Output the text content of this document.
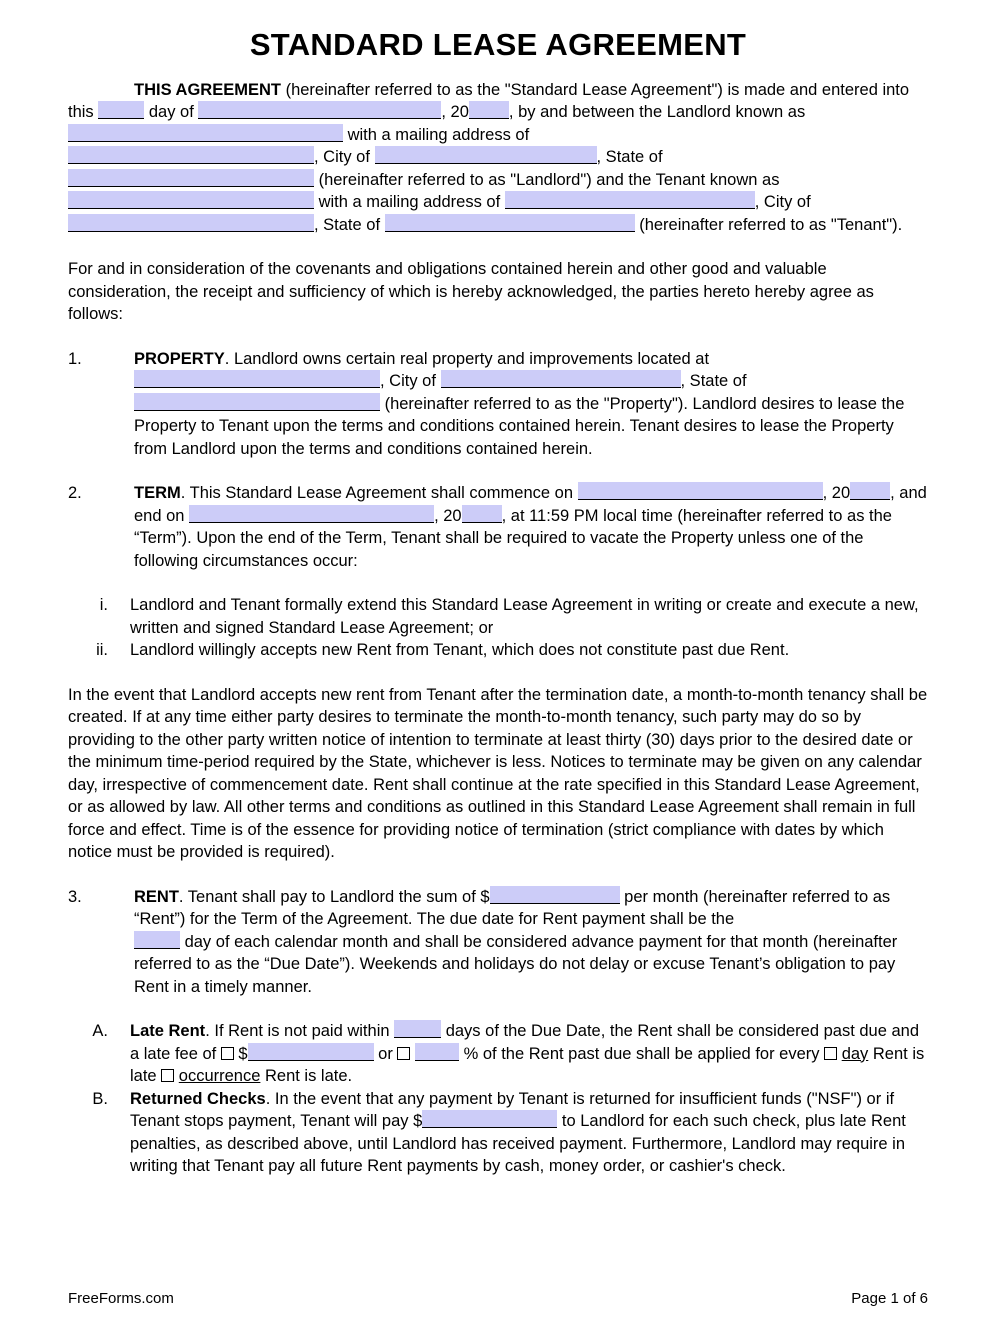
STANDARD LEASE AGREEMENT

THIS AGREEMENT (hereinafter referred to as the "Standard Lease Agreement") is made and entered into this	day of	, 20 , by and between the Landlord known as  with a mailing address of
, City of	, State of
(hereinafter referred to as "Landlord") and the Tenant known as
with a mailing address of	, City of
, State of	(hereinafter referred to as "Tenant").

For and in consideration of the covenants and obligations contained herein and other good and valuable consideration, the receipt and sufficiency of which is hereby acknowledged, the parties hereto hereby agree as follows:

1.	PROPERTY. Landlord owns certain real property and improvements located at
, City of	, State of
(hereinafter referred to as the "Property"). Landlord desires to lease the Property to Tenant upon the terms and conditions contained herein. Tenant desires to lease the Property from Landlord upon the terms and conditions contained herein.
2.	TERM. This Standard Lease Agreement shall commence on	, 20 , and end on	, 20 , at 11:59 PM local time (hereinafter referred to as the “Term”). Upon the end of the Term, Tenant shall be required to vacate the Property unless one of the following circumstances occur:
i.	Landlord and Tenant formally extend this Standard Lease Agreement in writing or create and execute a new, written and signed Standard Lease Agreement; or
ii.	Landlord willingly accepts new Rent from Tenant, which does not constitute past due Rent.

In the event that Landlord accepts new rent from Tenant after the termination date, a month-to-month tenancy shall be created. If at any time either party desires to terminate the month-to-month tenancy, such party may do so by providing to the other party written notice of intention to terminate at least thirty (30) days prior to the desired date or the minimum time-period required by the State, whichever is less. Notices to terminate may be given on any calendar day, irrespective of commencement date. Rent shall continue at the rate specified in this Standard Lease Agreement, or as allowed by law. All other terms and conditions as outlined in this Standard Lease Agreement shall remain in full force and effect. Time is of the essence for providing notice of termination (strict compliance with dates by which notice must be provided is required).

3.	RENT. Tenant shall pay to Landlord the sum of $	per month (hereinafter referred to as “Rent”) for the Term of the Agreement. The due date for Rent payment shall be the
day of each calendar month and shall be considered advance payment for that month (hereinafter referred to as the “Due Date”). Weekends and holidays do not delay or excuse Tenant’s obligation to pay Rent in a timely manner.
A.	Late Rent. If Rent is not paid within	days of the Due Date, the Rent shall be considered past due and a late fee of  $	or	% of the Rent past due shall be applied for every  day Rent is late  occurrence Rent is late.
B.	Returned Checks. In the event that any payment by Tenant is returned for insufficient funds ("NSF") or if Tenant stops payment, Tenant will pay $	to Landlord for each such check, plus late Rent penalties, as described above, until Landlord has received payment. Furthermore, Landlord may require in writing that Tenant pay all future Rent payments by cash, money order, or cashier's check.
FreeForms.com	Page 1 of 6
